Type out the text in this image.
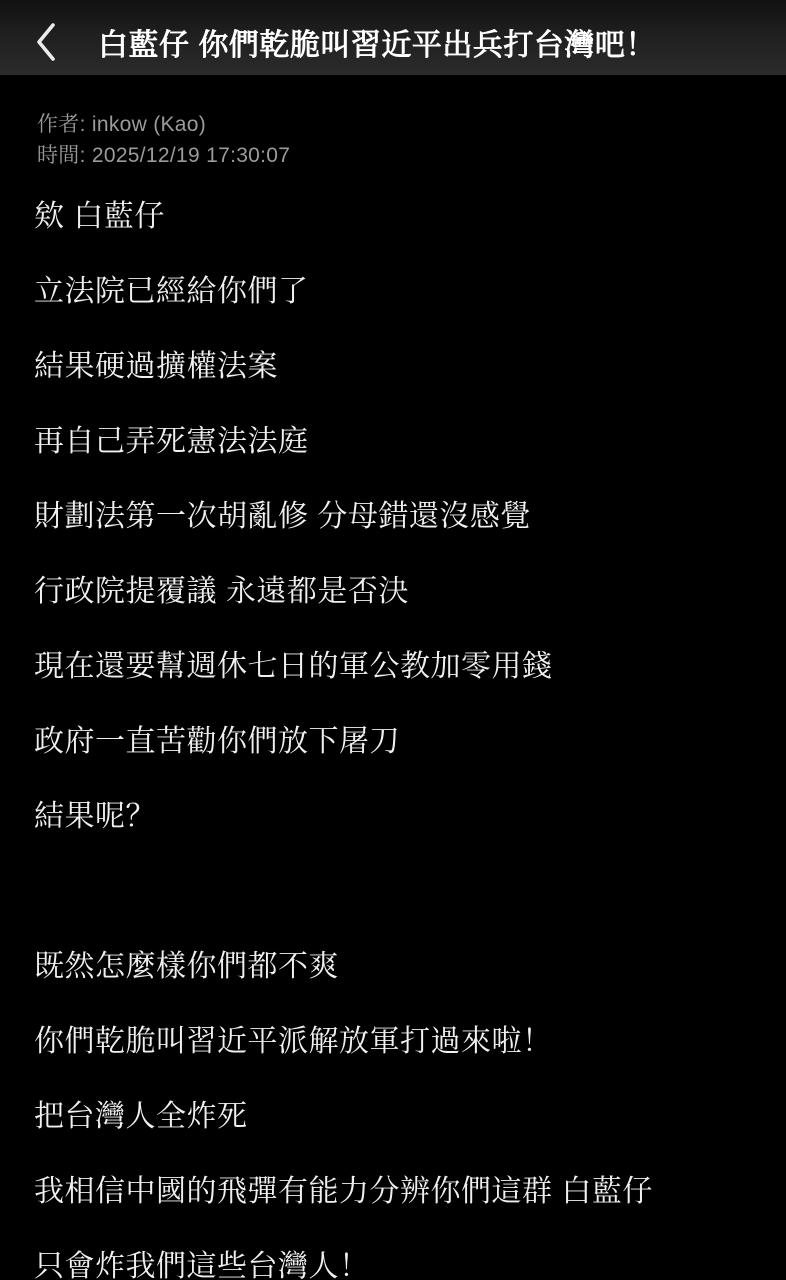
白藍仔 你們乾脆叫習近平出兵打台灣吧！
作者: inkow (Kao)
時間: 2025/12/19 17:30:07

欸 白藍仔

立法院已經給你們了

結果硬過擴權法案

再自己弄死憲法法庭

財劃法第一次胡亂修 分母錯還沒感覺

行政院提覆議 永遠都是否決

現在還要幫週休七日的軍公教加零用錢

政府一直苦勸你們放下屠刀

結果呢？

既然怎麼樣你們都不爽

你們乾脆叫習近平派解放軍打過來啦！

把台灣人全炸死

我相信中國的飛彈有能力分辨你們這群 白藍仔

只會炸我們這些台灣人！
